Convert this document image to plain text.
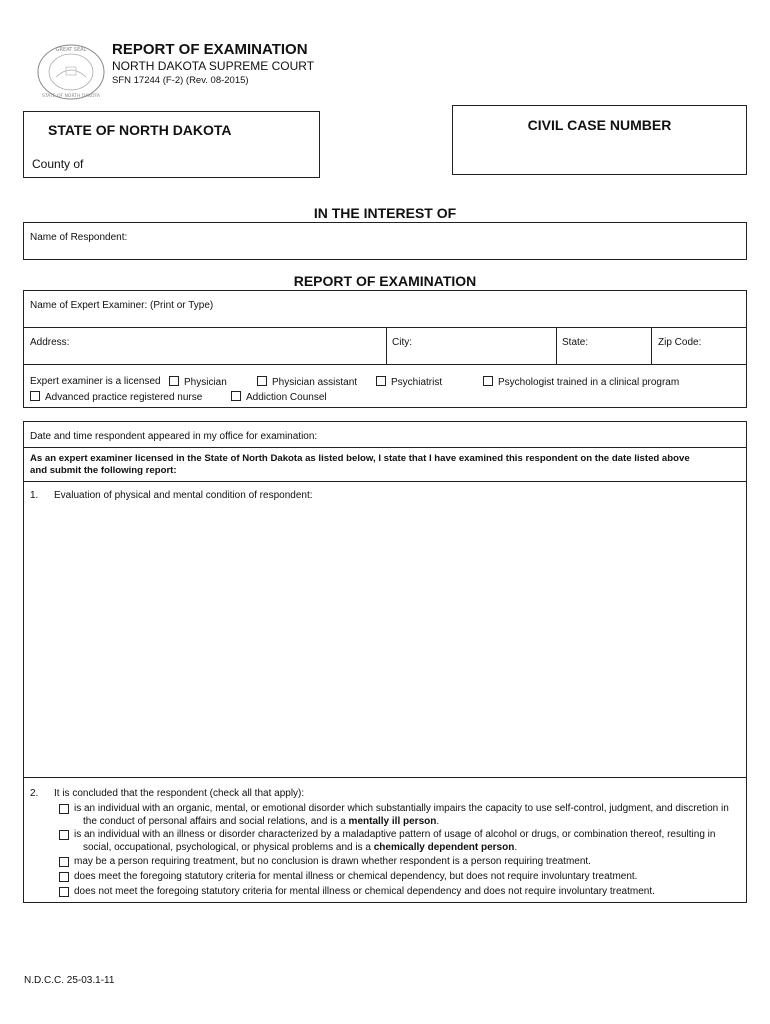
GREAT SEAL
STATE OF NORTH DAKOTA
REPORT OF EXAMINATION
NORTH DAKOTA SUPREME COURT
SFN 17244 (F-2) (Rev. 08-2015)
STATE OF NORTH DAKOTA
County of
CIVIL CASE NUMBER
IN THE INTEREST OF
Name of Respondent:
REPORT OF EXAMINATION
Name of Expert Examiner: (Print or Type)
Address:	City:	State:	Zip Code:
Expert examiner is a licensed	Physician	Physician assistant	Psychiatrist	Psychologist trained in a clinical program
Advanced practice registered nurse	Addiction Counsel
Date and time respondent appeared in my office for examination:
As an expert examiner licensed in the State of North Dakota as listed below, I state that I have examined this respondent on the date listed above
and submit the following report:
1. Evaluation of physical and mental condition of respondent:
2. It is concluded that the respondent (check all that apply):
is an individual with an organic, mental, or emotional disorder which substantially impairs the capacity to use self-control, judgment, and discretion in
the conduct of personal affairs and social relations, and is a mentally ill person.
is an individual with an illness or disorder characterized by a maladaptive pattern of usage of alcohol or drugs, or combination thereof, resulting in
social, occupational, psychological, or physical problems and is a chemically dependent person.
may be a person requiring treatment, but no conclusion is drawn whether respondent is a person requiring treatment.
does meet the foregoing statutory criteria for mental illness or chemical dependency, but does not require involuntary treatment.
does not meet the foregoing statutory criteria for mental illness or chemical dependency and does not require involuntary treatment.
N.D.C.C. 25-03.1-11
